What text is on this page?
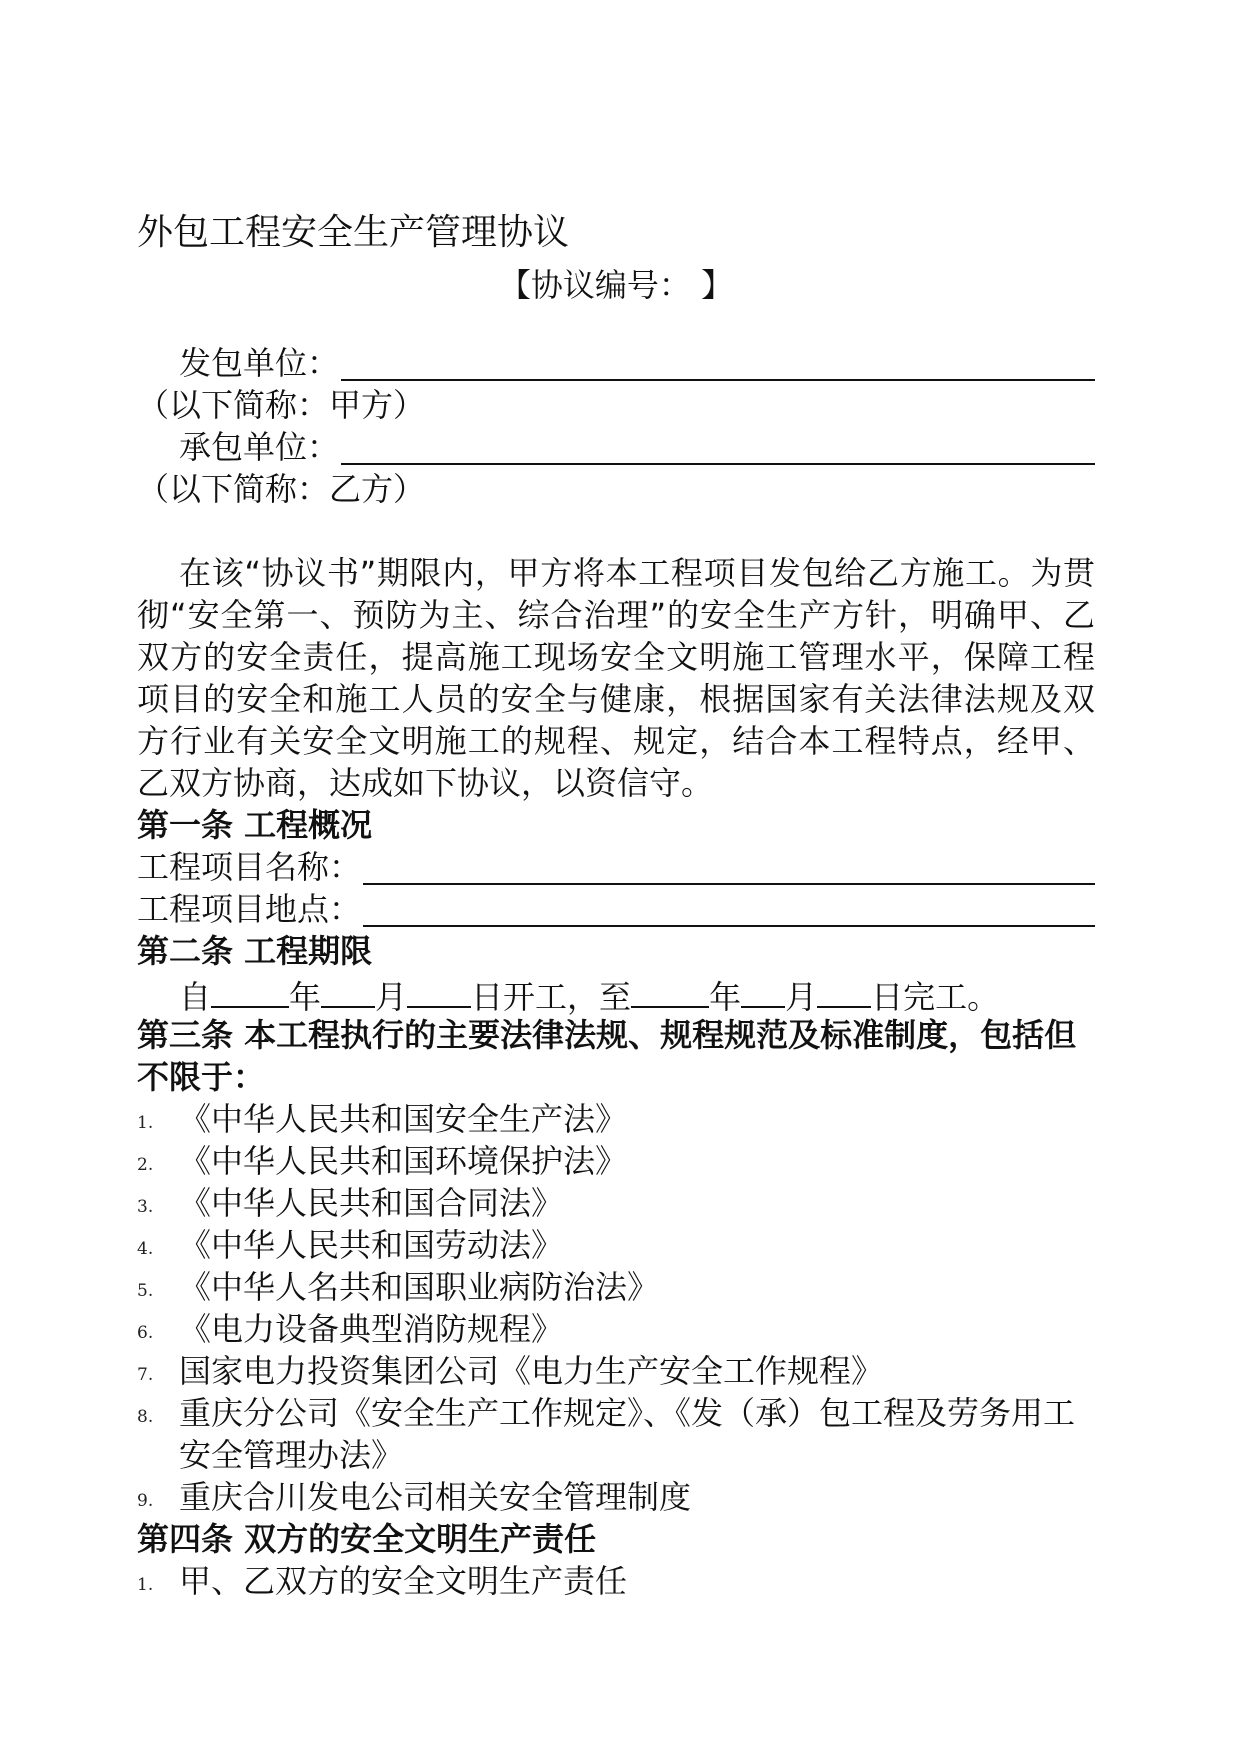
外包工程安全生产管理协议
【协议编号： 】
发包单位：
（以下简称：甲方）
承包单位：
（以下简称：乙方）

在该“协议书”期限内，甲方将本工程项目发包给乙方施工。为贯彻“安全第一、预防为主、综合治理”的安全生产方针，明确甲、乙双方的安全责任，提高施工现场安全文明施工管理水平，保障工程项目的安全和施工人员的安全与健康，根据国家有关法律法规及双方行业有关安全文明施工的规程、规定，结合本工程特点，经甲、乙双方协商，达成如下协议，以资信守。

第一条 工程概况
工程项目名称：
工程项目地点：
第二条 工程期限
自 年 月 日开工，至 年 月 日完工。
第三条 本工程执行的主要法律法规、规程规范及标准制度，包括但不限于：
1. 《中华人民共和国安全生产法》
2. 《中华人民共和国环境保护法》
3. 《中华人民共和国合同法》
4. 《中华人民共和国劳动法》
5. 《中华人名共和国职业病防治法》
6. 《电力设备典型消防规程》
7. 国家电力投资集团公司《电力生产安全工作规程》
8. 重庆分公司《安全生产工作规定》、《发（承）包工程及劳务用工安全管理办法》
9. 重庆合川发电公司相关安全管理制度
第四条 双方的安全文明生产责任
1. 甲、乙双方的安全文明生产责任
